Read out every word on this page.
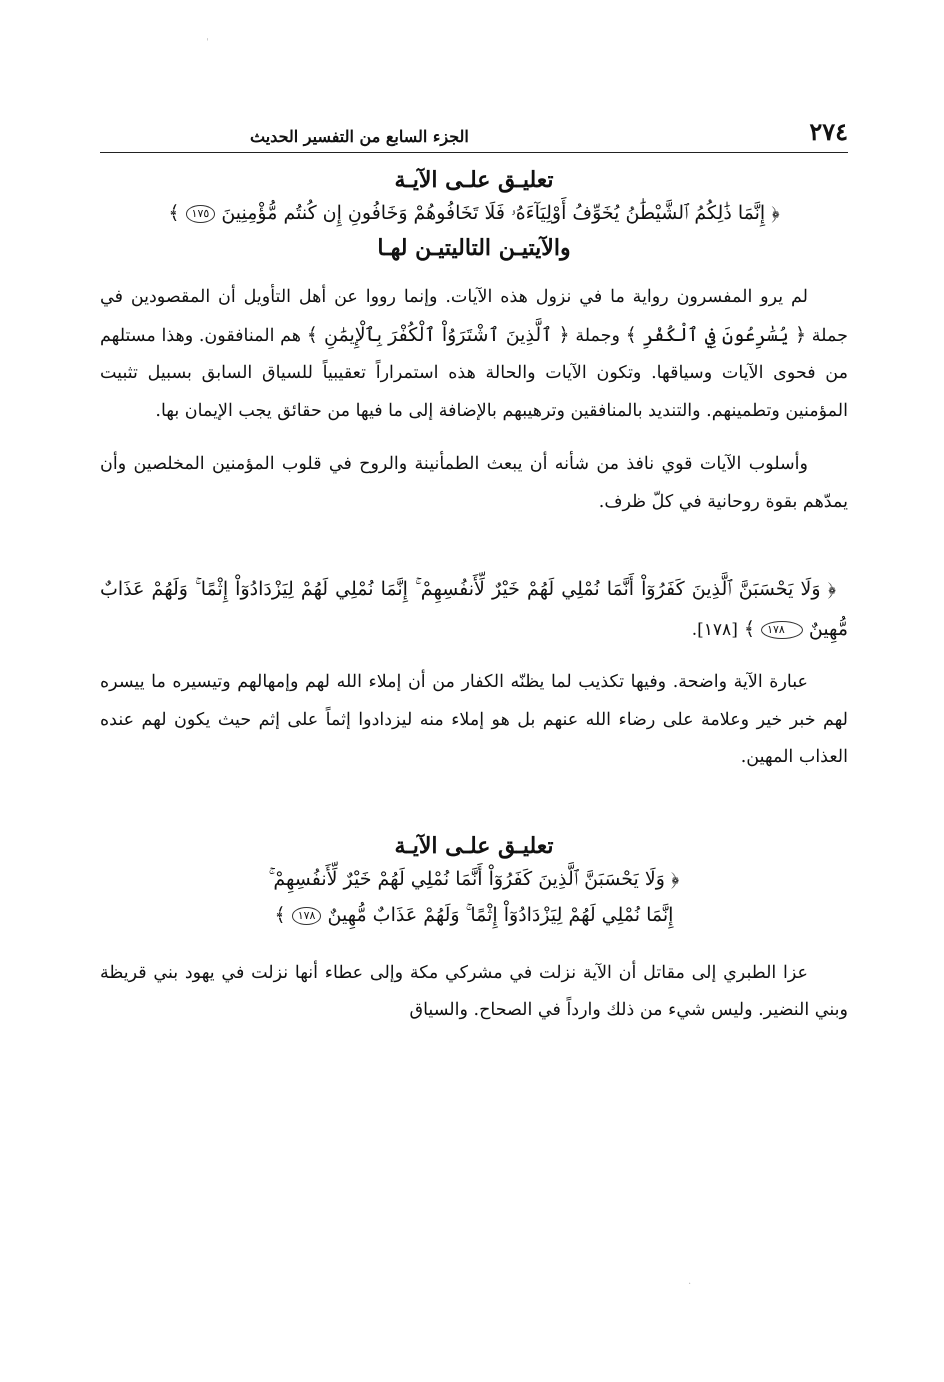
ˈ
٢٧٤
الجزء السابع من التفسير الحديث

تعليـق علـى الآيـة

﴿ إِنَّمَا ذَٰلِكُمُ ٱلشَّيْطَٰنُ يُخَوِّفُ أَوْلِيَآءَهُۥ فَلَا تَخَافُوهُمْ وَخَافُونِ إِن كُنتُم مُّؤْمِنِينَ ١٧٥ ﴾

والآيتيـن التاليتيـن لهـا

لم يرو المفسرون رواية ما في نزول هذه الآيات. وإنما رووا عن أهل التأويل أن المقصودين في جملة ﴿ يُسَٰرِعُونَ فِي ٱلْكُفْرِ ﴾ وجملة ﴿ ٱلَّذِينَ ٱشْتَرَوُاْ ٱلْكُفْرَ بِٱلْإِيمَٰنِ ﴾ هم المنافقون. وهذا مستلهم من فحوى الآيات وسياقها. وتكون الآيات والحالة هذه استمراراً تعقيبياً للسياق السابق بسبيل تثبيت المؤمنين وتطمينهم. والتنديد بالمنافقين وترهيبهم بالإضافة إلى ما فيها من حقائق يجب الإيمان بها.

وأسلوب الآيات قوي نافذ من شأنه أن يبعث الطمأنينة والروح في قلوب المؤمنين المخلصين وأن يمدّهم بقوة روحانية في كلّ ظرف.

﴿ وَلَا يَحْسَبَنَّ ٱلَّذِينَ كَفَرُوٓاْ أَنَّمَا نُمْلِي لَهُمْ خَيْرٌ لِّأَنفُسِهِمْ ۚ إِنَّمَا نُمْلِي لَهُمْ لِيَزْدَادُوٓاْ إِثْمًا ۚ وَلَهُمْ عَذَابٌ مُّهِينٌ ١٧٨ ﴾ [١٧٨].

عبارة الآية واضحة. وفيها تكذيب لما يظنّه الكفار من أن إملاء الله لهم وإمهالهم وتيسيره ما ييسره لهم خبر خير وعلامة على رضاء الله عنهم بل هو إملاء منه ليزدادوا إثماً على إثم حيث يكون لهم عنده العذاب المهين.

تعليـق علـى الآيـة

﴿ وَلَا يَحْسَبَنَّ ٱلَّذِينَ كَفَرُوٓاْ أَنَّمَا نُمْلِي لَهُمْ خَيْرٌ لِّأَنفُسِهِمْ ۚ

إِنَّمَا نُمْلِي لَهُمْ لِيَزْدَادُوٓاْ إِثْمًا ۚ وَلَهُمْ عَذَابٌ مُّهِينٌ ١٧٨ ﴾

عزا الطبري إلى مقاتل أن الآية نزلت في مشركي مكة وإلى عطاء أنها نزلت في يهود بني قريظة وبني النضير. وليس شيء من ذلك وارداً في الصحاح. والسياق

.
